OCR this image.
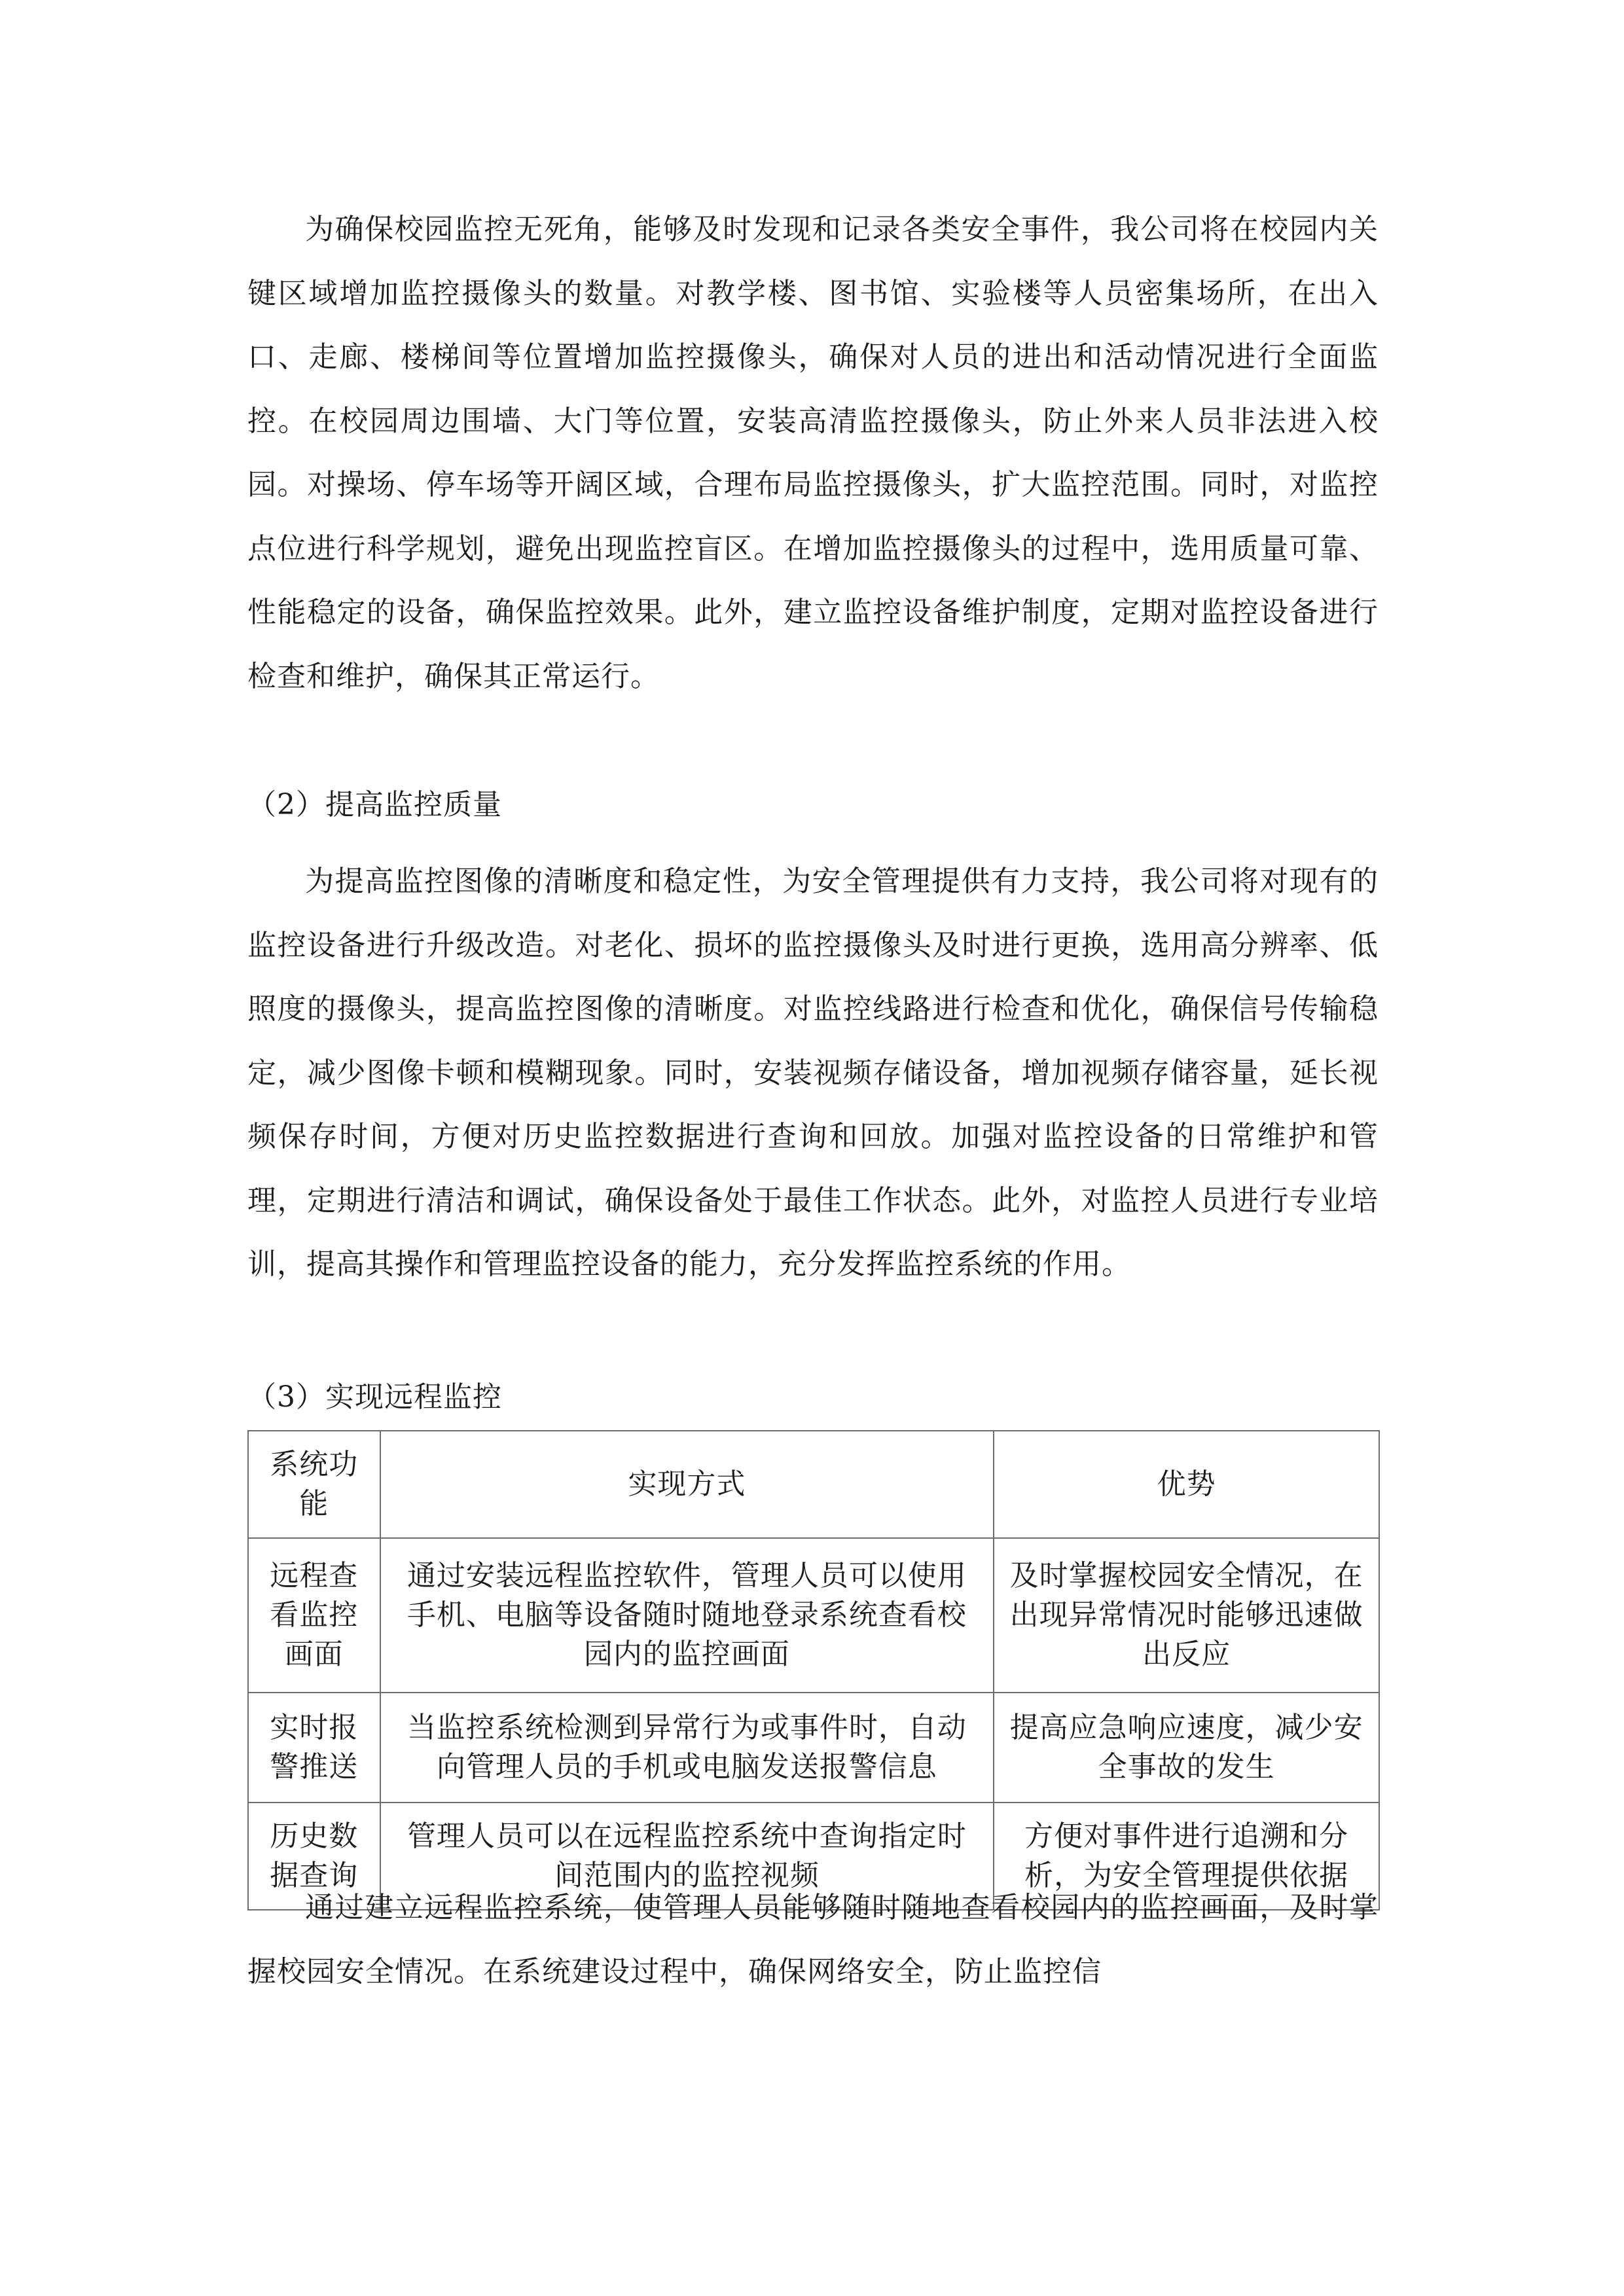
为确保校园监控无死角，能够及时发现和记录各类安全事件，我公司将在校园内关键区域增加监控摄像头的数量。对教学楼、图书馆、实验楼等人员密集场所，在出入口、走廊、楼梯间等位置增加监控摄像头，确保对人员的进出和活动情况进行全面监控。在校园周边围墙、大门等位置，安装高清监控摄像头，防止外来人员非法进入校园。对操场、停车场等开阔区域，合理布局监控摄像头，扩大监控范围。同时，对监控点位进行科学规划，避免出现监控盲区。在增加监控摄像头的过程中，选用质量可靠、性能稳定的设备，确保监控效果。此外，建立监控设备维护制度，定期对监控设备进行检查和维护，确保其正常运行。

（2）提高监控质量

为提高监控图像的清晰度和稳定性，为安全管理提供有力支持，我公司将对现有的监控设备进行升级改造。对老化、损坏的监控摄像头及时进行更换，选用高分辨率、低照度的摄像头，提高监控图像的清晰度。对监控线路进行检查和优化，确保信号传输稳定，减少图像卡顿和模糊现象。同时，安装视频存储设备，增加视频存储容量，延长视频保存时间，方便对历史监控数据进行查询和回放。加强对监控设备的日常维护和管理，定期进行清洁和调试，确保设备处于最佳工作状态。此外，对监控人员进行专业培训，提高其操作和管理监控设备的能力，充分发挥监控系统的作用。

（3）实现远程监控

系统功能	实现方式	优势
远程查看监控画面	通过安装远程监控软件，管理人员可以使用手机、电脑等设备随时随地登录系统查看校园内的监控画面	及时掌握校园安全情况，在出现异常情况时能够迅速做出反应
实时报警推送	当监控系统检测到异常行为或事件时，自动向管理人员的手机或电脑发送报警信息	提高应急响应速度，减少安全事故的发生
历史数据查询	管理人员可以在远程监控系统中查询指定时间范围内的监控视频	方便对事件进行追溯和分析，为安全管理提供依据

通过建立远程监控系统，使管理人员能够随时随地查看校园内的监控画面，及时掌握校园安全情况。在系统建设过程中，确保网络安全，防止监控信
